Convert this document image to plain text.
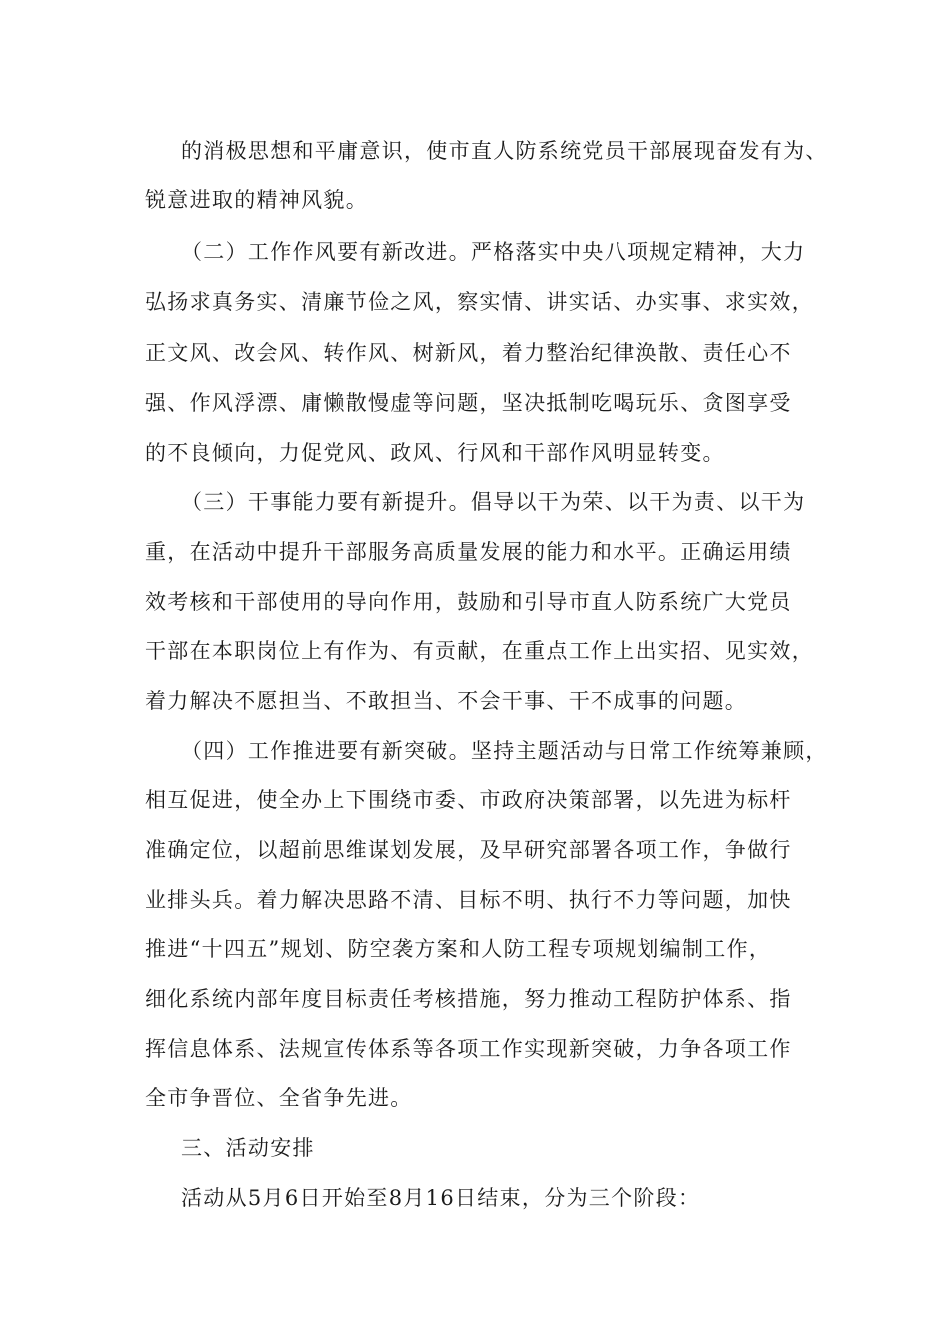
的消极思想和平庸意识，使市直人防系统党员干部展现奋发有为、
锐意进取的精神风貌。
（二）工作作风要有新改进。严格落实中央八项规定精神，大力
弘扬求真务实、清廉节俭之风，察实情、讲实话、办实事、求实效，
正文风、改会风、转作风、树新风，着力整治纪律涣散、责任心不
强、作风浮漂、庸懒散慢虚等问题，坚决抵制吃喝玩乐、贪图享受
的不良倾向，力促党风、政风、行风和干部作风明显转变。
（三）干事能力要有新提升。倡导以干为荣、以干为责、以干为
重，在活动中提升干部服务高质量发展的能力和水平。正确运用绩
效考核和干部使用的导向作用，鼓励和引导市直人防系统广大党员
干部在本职岗位上有作为、有贡献，在重点工作上出实招、见实效，
着力解决不愿担当、不敢担当、不会干事、干不成事的问题。
（四）工作推进要有新突破。坚持主题活动与日常工作统筹兼顾，
相互促进，使全办上下围绕市委、市政府决策部署，以先进为标杆
准确定位，以超前思维谋划发展，及早研究部署各项工作，争做行
业排头兵。着力解决思路不清、目标不明、执行不力等问题，加快
推进“十四五”规划、防空袭方案和人防工程专项规划编制工作，
细化系统内部年度目标责任考核措施，努力推动工程防护体系、指
挥信息体系、法规宣传体系等各项工作实现新突破，力争各项工作
全市争晋位、全省争先进。
三、活动安排
活动从5月6日开始至8月16日结束，分为三个阶段：
